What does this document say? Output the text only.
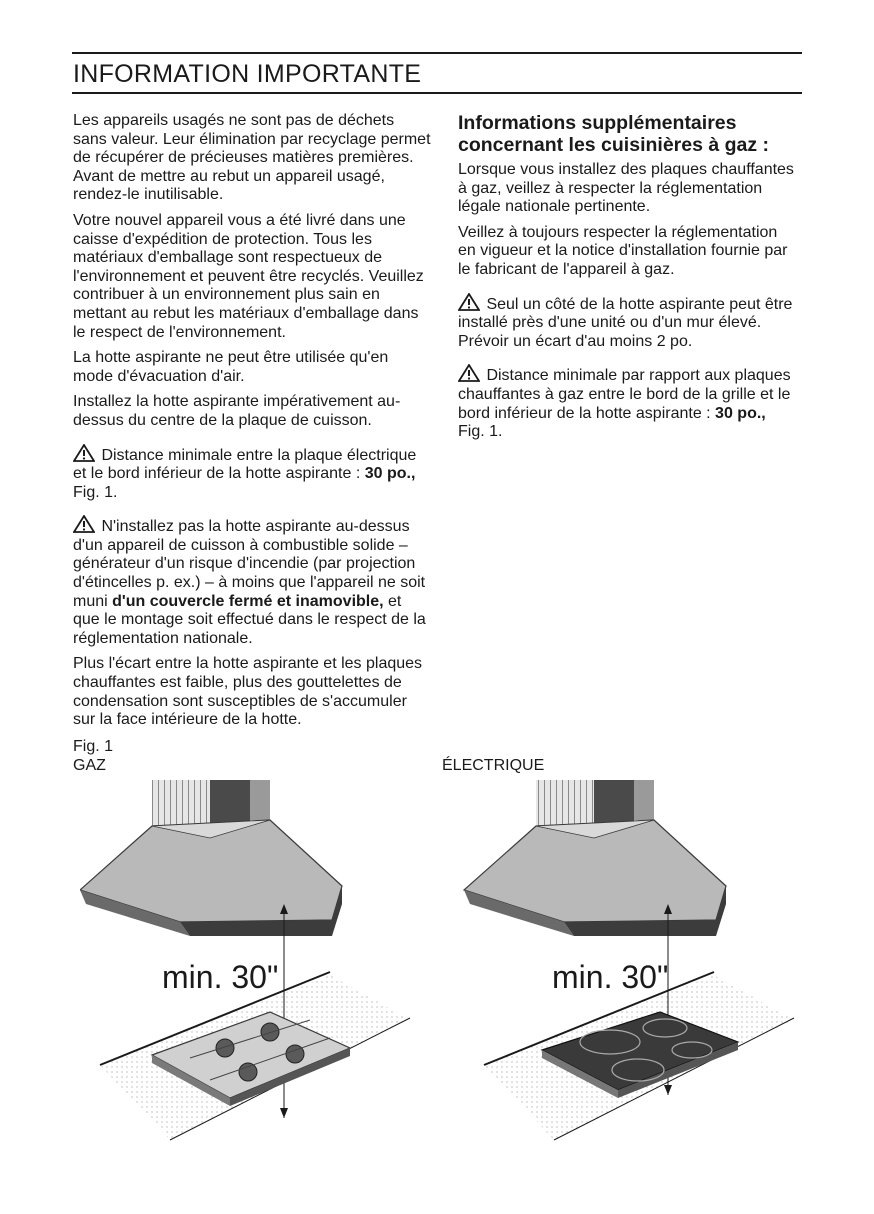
INFORMATION IMPORTANTE

Les appareils usagés ne sont pas de déchets sans valeur. Leur élimination par recyclage permet de récupérer de précieuses matières premières. Avant de mettre au rebut un appareil usagé, rendez-le inutilisable.

Votre nouvel appareil vous a été livré dans une caisse d'expédition de protection. Tous les matériaux d'emballage sont respectueux de l'environnement et peuvent être recyclés. Veuillez contribuer à un environnement plus sain en mettant au rebut les matériaux d'emballage dans le respect de l'environnement.

La hotte aspirante ne peut être utilisée qu'en mode d'évacuation d'air.

Installez la hotte aspirante impérativement au-dessus du centre de la plaque de cuisson.

Distance minimale entre la plaque électrique et le bord inférieur de la hotte aspirante : 30 po., Fig. 1.

N'installez pas la hotte aspirante au-dessus d'un appareil de cuisson à combustible solide – générateur d'un risque d'incendie (par projection d'étincelles p. ex.) – à moins que l'appareil ne soit muni d'un couvercle fermé et inamovible, et que le montage soit effectué dans le respect de la réglementation nationale.

Plus l'écart entre la hotte aspirante et les plaques chauffantes est faible, plus des gouttelettes de condensation sont susceptibles de s'accumuler sur la face intérieure de la hotte.

Informations supplémentaires concernant les cuisinières à gaz :

Lorsque vous installez des plaques chauffantes à gaz, veillez à respecter la réglementation légale nationale pertinente.

Veillez à toujours respecter la réglementation en vigueur et la notice d'installation fournie par le fabricant de l'appareil à gaz.

Seul un côté de la hotte aspirante peut être installé près d'une unité ou d'un mur élevé. Prévoir un écart d'au moins 2 po.

Distance minimale par rapport aux plaques chauffantes à gaz entre le bord de la grille et le bord inférieur de la hotte aspirante : 30 po., Fig. 1.

Fig. 1
GAZ	ÉLECTRIQUE
min. 30"	min. 30"
